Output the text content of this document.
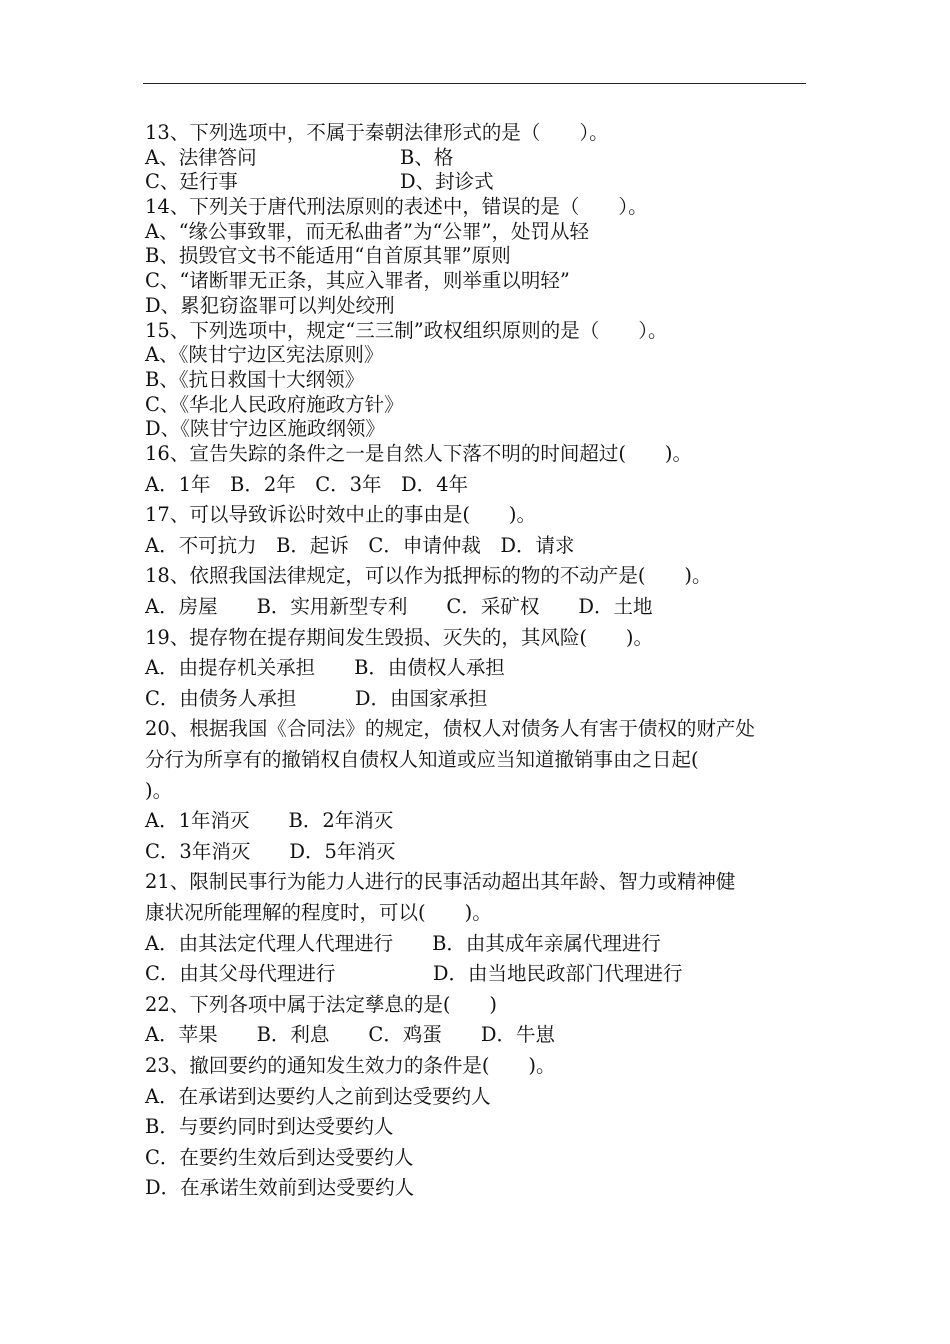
13、下列选项中，不属于秦朝法律形式的是（　　）。
A、法律答问	B、格
C、廷行事	D、封诊式
14、下列关于唐代刑法原则的表述中，错误的是（　　）。
A、“缘公事致罪，而无私曲者”为“公罪”，处罚从轻
B、损毁官文书不能适用“自首原其罪”原则
C、“诸断罪无正条，其应入罪者，则举重以明轻”
D、累犯窃盗罪可以判处绞刑
15、下列选项中，规定“三三制”政权组织原则的是（　　）。
A、《陕甘宁边区宪法原则》
B、《抗日救国十大纲领》
C、《华北人民政府施政方针》
D、《陕甘宁边区施政纲领》
16、宣告失踪的条件之一是自然人下落不明的时间超过(　　)。
A．1年　B．2年　C．3年　D．4年
17、可以导致诉讼时效中止的事由是(　　)。
A．不可抗力　B．起诉　C．申请仲裁　D．请求
18、依照我国法律规定，可以作为抵押标的物的不动产是(　　)。
A．房屋　　B．实用新型专利　　C．采矿权　　D．土地
19、提存物在提存期间发生毁损、灭失的，其风险(　　)。
A．由提存机关承担　　B．由债权人承担
C．由债务人承担　　　D．由国家承担
20、根据我国《合同法》的规定，债权人对债务人有害于债权的财产处
分行为所享有的撤销权自债权人知道或应当知道撤销事由之日起(
)。
A．1年消灭　　B．2年消灭
C．3年消灭　　D．5年消灭
21、限制民事行为能力人进行的民事活动超出其年龄、智力或精神健
康状况所能理解的程度时，可以(　　)。
A．由其法定代理人代理进行　　B．由其成年亲属代理进行
C．由其父母代理进行　　　　　D．由当地民政部门代理进行
22、下列各项中属于法定孳息的是(　　)
A．苹果　　B．利息　　C．鸡蛋　　D．牛崽
23、撤回要约的通知发生效力的条件是(　　)。
A．在承诺到达要约人之前到达受要约人
B．与要约同时到达受要约人
C．在要约生效后到达受要约人
D．在承诺生效前到达受要约人
